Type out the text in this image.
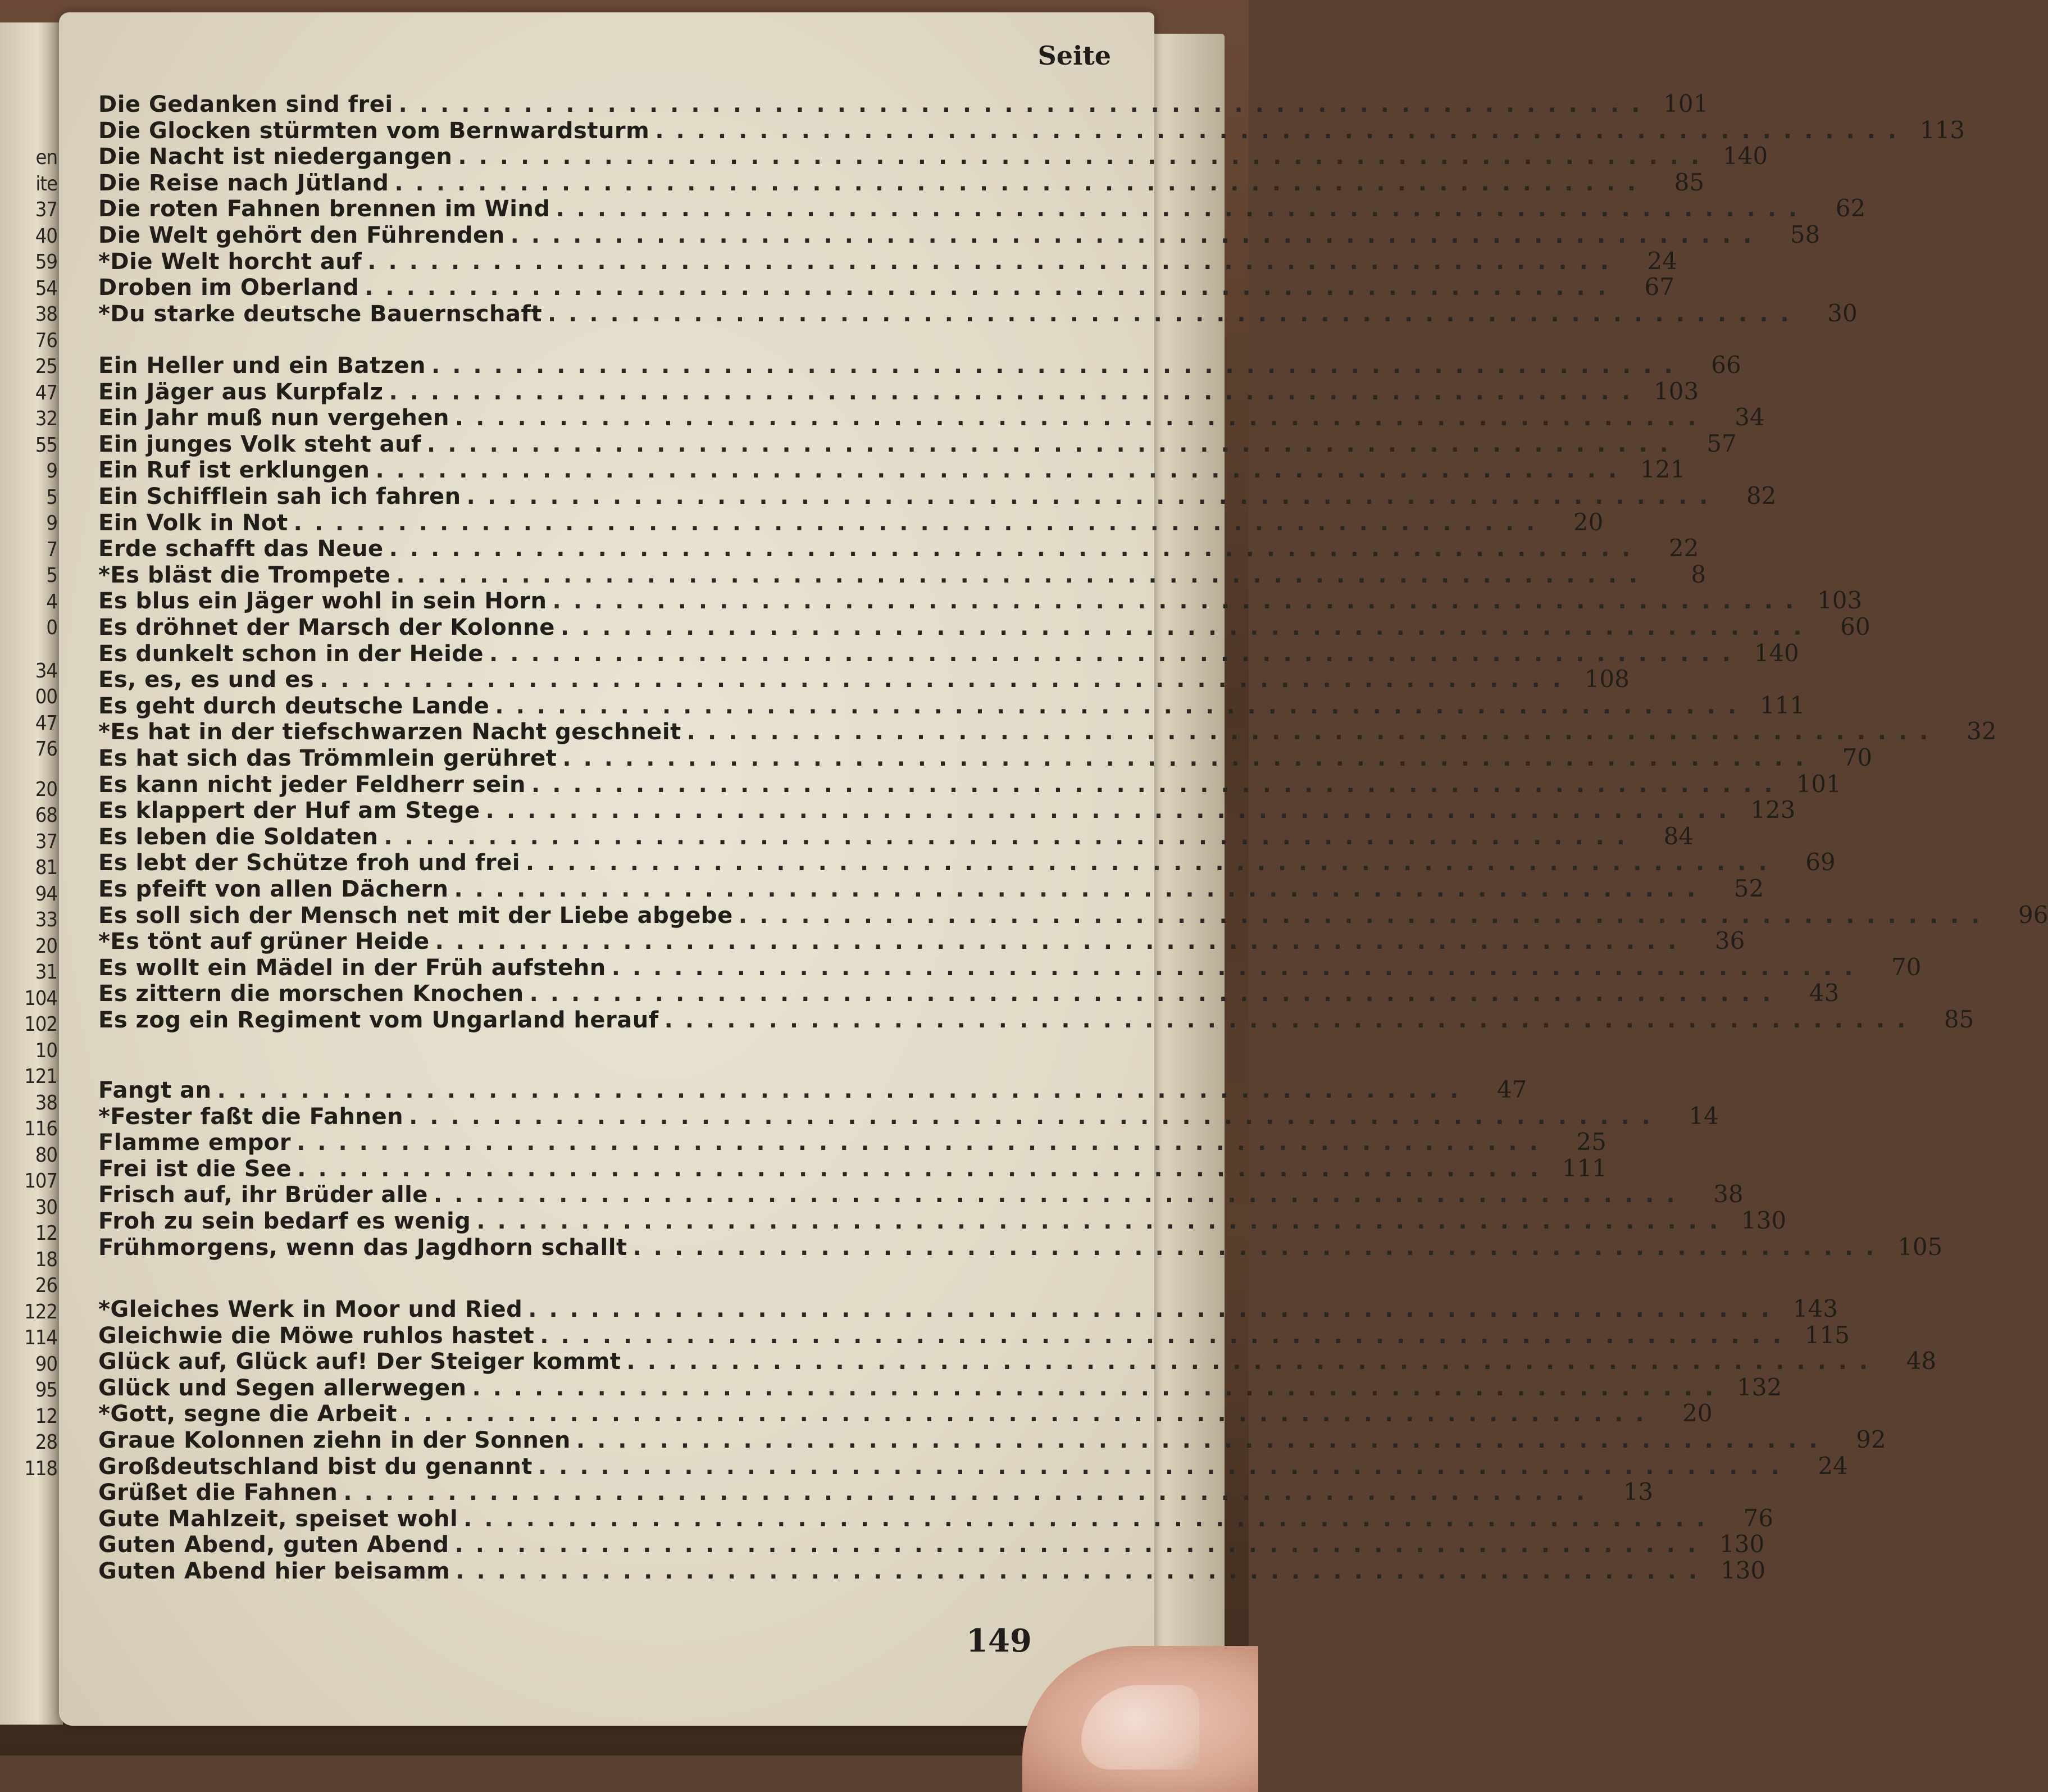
en
ite
37
40
59
54
38
76
25
47
32
55
9
5
9
7
5
4
0
34
00
47
76
20
68
37
81
94
33
20
31
104
102
10
121
38
116
80
107
30
12
18
26
122
114
90
95
12
28
118
Seite
Die Gedanken sind frei ............................................................ 101
Die Glocken stürmten vom Bernwardsturm ............................................................ 113
Die Nacht ist niedergangen ............................................................ 140
Die Reise nach Jütland ............................................................	85
Die roten Fahnen brennen im Wind ............................................................	62
Die Welt gehört den Führenden ............................................................	58
*Die Welt horcht auf ............................................................	24
Droben im Oberland ............................................................	67
*Du starke deutsche Bauernschaft ............................................................	30
Ein Heller und ein Batzen ............................................................	66
Ein Jäger aus Kurpfalz ............................................................ 103
Ein Jahr muß nun vergehen ............................................................	34
Ein junges Volk steht auf ............................................................	57
Ein Ruf ist erklungen ............................................................ 121
Ein Schifflein sah ich fahren ............................................................	82
Ein Volk in Not ............................................................	20
Erde schafft das Neue ............................................................	22
*Es bläst die Trompete ............................................................	8
Es blus ein Jäger wohl in sein Horn ............................................................ 103
Es dröhnet der Marsch der Kolonne ............................................................	60
Es dunkelt schon in der Heide ............................................................ 140
Es, es, es und es ............................................................ 108
Es geht durch deutsche Lande ............................................................ 111
*Es hat in der tiefschwarzen Nacht geschneit ............................................................	32
Es hat sich das Trömmlein gerühret ............................................................	70
Es kann nicht jeder Feldherr sein ............................................................ 101
Es klappert der Huf am Stege ............................................................ 123
Es leben die Soldaten ............................................................	84
Es lebt der Schütze froh und frei ............................................................	69
Es pfeift von allen Dächern ............................................................	52
Es soll sich der Mensch net mit der Liebe abgebe ............................................................	96
*Es tönt auf grüner Heide ............................................................	36
Es wollt ein Mädel in der Früh aufstehn ............................................................	70
Es zittern die morschen Knochen ............................................................	43
Es zog ein Regiment vom Ungarland herauf ............................................................	85
Fangt an ............................................................	47
*Fester faßt die Fahnen ............................................................	14
Flamme empor ............................................................	25
Frei ist die See ............................................................ 111
Frisch auf, ihr Brüder alle ............................................................	38
Froh zu sein bedarf es wenig ............................................................ 130
Frühmorgens, wenn das Jagdhorn schallt ............................................................ 105
*Gleiches Werk in Moor und Ried ............................................................ 143
Gleichwie die Möwe ruhlos hastet ............................................................ 115
Glück auf, Glück auf! Der Steiger kommt ............................................................	48
Glück und Segen allerwegen ............................................................ 132
*Gott, segne die Arbeit ............................................................	20
Graue Kolonnen ziehn in der Sonnen ............................................................	92
Großdeutschland bist du genannt ............................................................	24
Grüßet die Fahnen ............................................................	13
Gute Mahlzeit, speiset wohl ............................................................	76
Guten Abend, guten Abend ............................................................ 130
Guten Abend hier beisamm ............................................................ 130
149
